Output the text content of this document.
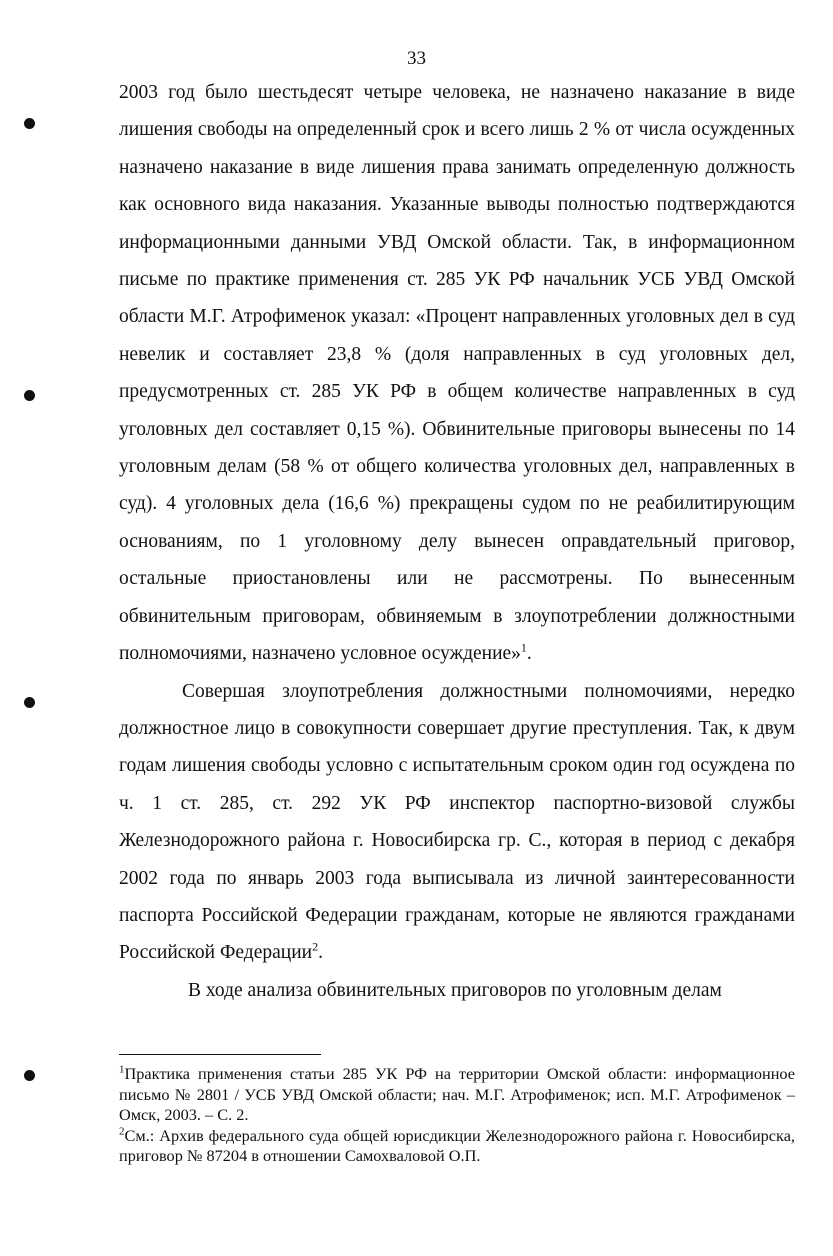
33

2003 год было шестьдесят четыре человека, не назначено наказание в виде лишения свободы на определенный срок и всего лишь 2 % от числа осужденных назначено наказание в виде лишения права занимать определенную должность как основного вида наказания. Указанные выводы полностью подтверждаются информационными данными УВД Омской области. Так, в информационном письме по практике применения ст. 285 УК РФ начальник УСБ УВД Омской области М.Г. Атрофименок указал: «Процент направленных уголовных дел в суд невелик и составляет 23,8 % (доля направленных в суд уголовных дел, предусмотренных ст. 285 УК РФ в общем количестве направленных в суд уголовных дел составляет 0,15 %). Обвинительные приговоры вынесены по 14 уголовным делам (58 % от общего количества уголовных дел, направленных в суд). 4 уголовных дела (16,6 %) прекращены судом по не реабилитирующим основаниям, по 1 уголовному делу вынесен оправдательный приговор, остальные приостановлены или не рассмотрены. По вынесенным обвинительным приговорам, обвиняемым в злоупотреблении должностными полномочиями, назначено условное осуждение»$^1$.

Совершая злоупотребления должностными полномочиями, нередко должностное лицо в совокупности совершает другие преступления. Так, к двум годам лишения свободы условно с испытательным сроком один год осуждена по ч. 1 ст. 285, ст. 292 УК РФ инспектор паспортно-визовой службы Железнодорожного района г. Новосибирска гр. С., которая в период с декабря 2002 года по январь 2003 года выписывала из личной заинтересованности паспорта Российской Федерации гражданам, которые не являются гражданами Российской Федерации$^2$.

В ходе анализа обвинительных приговоров по уголовным делам

$^1$Практика применения статьи 285 УК РФ на территории Омской области: информационное письмо № 2801 / УСБ УВД Омской области; нач. М.Г. Атрофименок; исп. М.Г. Атрофименок – Омск, 2003. – С. 2.

$^2$См.: Архив федерального суда общей юрисдикции Железнодорожного района г. Новосибирска, приговор № 87204 в отношении Самохваловой О.П.
